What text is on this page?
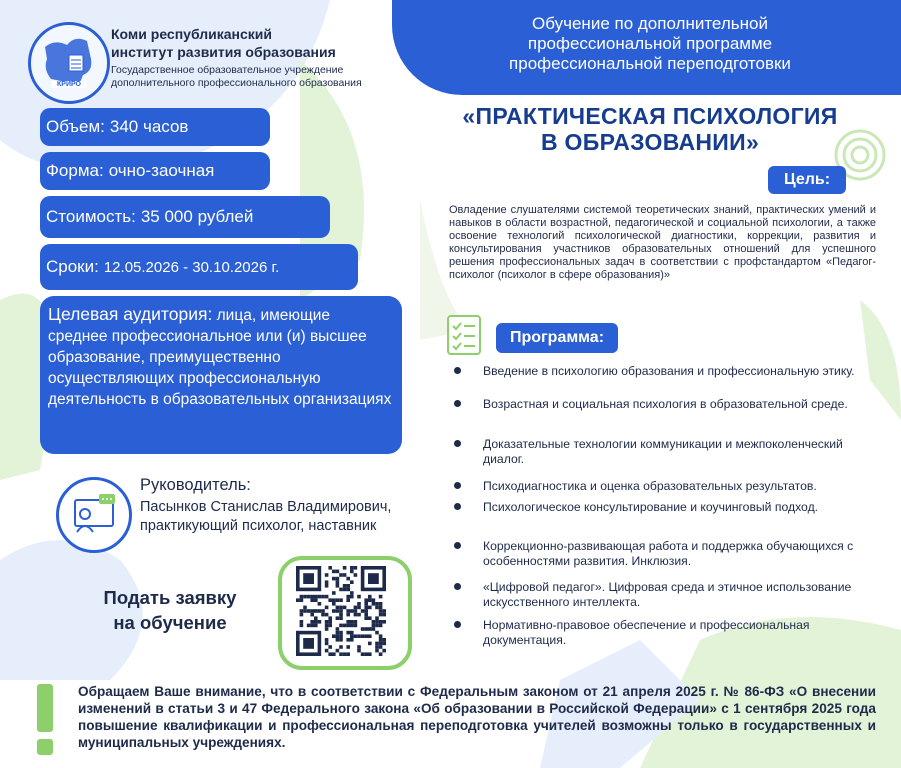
Обучение по дополнительной
профессиональной программе
профессиональной переподготовки
КРИРО
Коми республиканский
институт развития образования
Государственное образовательное учреждение
дополнительного профессионального образования
«ПРАКТИЧЕСКАЯ ПСИХОЛОГИЯ
В ОБРАЗОВАНИИ»
Объем: 340 часов
Форма: очно-заочная
Стоимость: 35 000 рублей
Сроки: 12.05.2026 - 30.10.2026 г.
Целевая аудитория: лица, имеющие среднее профессиональное или (и) высшее образование, преимущественно осуществляющих профессиональную деятельность в образовательных организациях
Цель:
Овладение слушателями системой теоретических знаний, практических умений и навыков в области возрастной, педагогической и социальной психологии, а также освоение технологий психологической диагностики, коррекции, развития и консультирования участников образовательных отношений для успешного решения профессиональных задач в соответствии с профстандартом «Педагог-психолог (психолог в сфере образования)»
Программа:
Введение в психологию образования и профессиональную этику.
Возрастная и социальная психология в образовательной среде.
Доказательные технологии коммуникации и межпоколенческий диалог.
Психодиагностика и оценка образовательных результатов.
Психологическое консультирование и коучинговый подход.
Коррекционно-развивающая работа и поддержка обучающихся с особенностями развития. Инклюзия.
«Цифровой педагог». Цифровая среда и этичное использование искусственного интеллекта.
Нормативно-правовое обеспечение и профессиональная документация.
Руководитель:
Пасынков Станислав Владимирович,
практикующий психолог, наставник
Подать заявку
на обучение
Обращаем Ваше внимание, что в соответствии с Федеральным законом от 21 апреля 2025 г. № 86-ФЗ «О внесении изменений в статьи 3 и 47 Федерального закона «Об образовании в Российской Федерации» с 1 сентября 2025 года повышение квалификации и профессиональная переподготовка учителей возможны только в государственных и муниципальных учреждениях.
